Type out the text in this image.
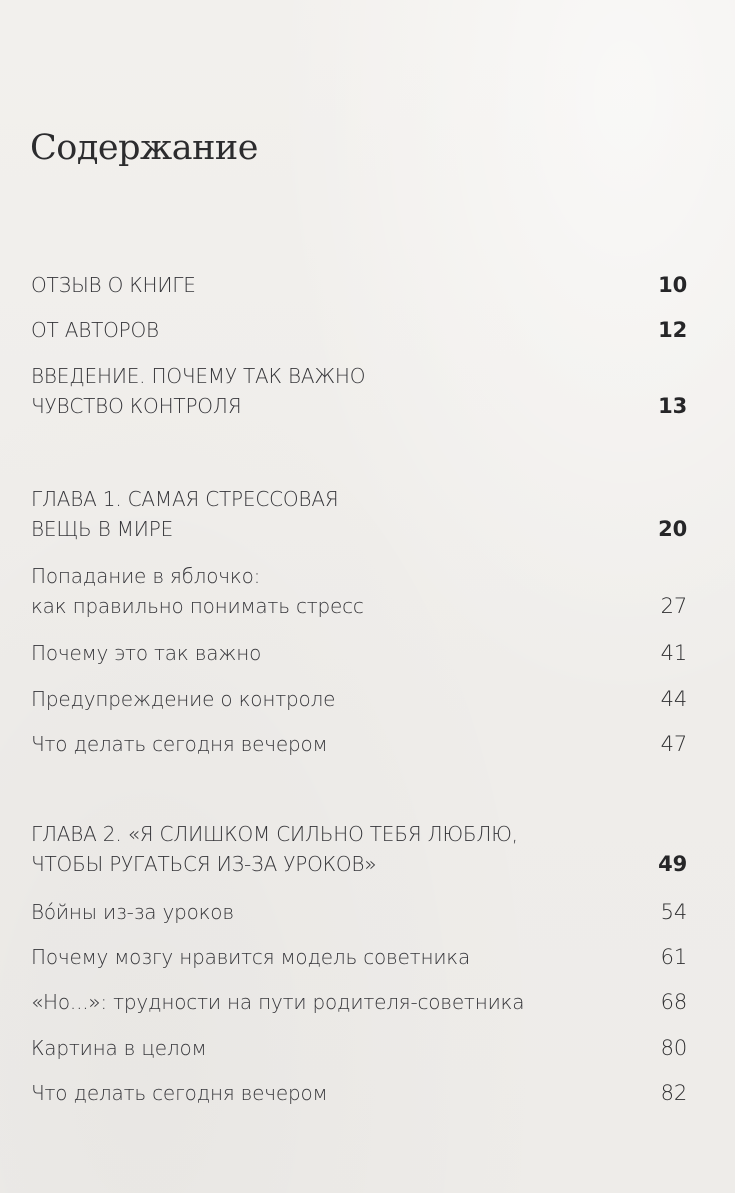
Содержание
ОТЗЫВ О КНИГЕ	10
ОТ АВТОРОВ	12
ВВЕДЕНИЕ. ПОЧЕМУ ТАК ВАЖНО
ЧУВСТВО КОНТРОЛЯ	13
ГЛАВА 1. САМАЯ СТРЕССОВАЯ
ВЕЩЬ В МИРЕ	20
Попадание в яблочко:
как правильно понимать стресс	27
Почему это так важно	41
Предупреждение о контроле	44
Что делать сегодня вечером	47
ГЛАВА 2. «Я СЛИШКОМ СИЛЬНО ТЕБЯ ЛЮБЛЮ,
ЧТОБЫ РУГАТЬСЯ ИЗ-ЗА УРОКОВ»	49
Вóйны из-за уроков	54
Почему мозгу нравится модель советника	61
«Но...»: трудности на пути родителя-советника	68
Картина в целом	80
Что делать сегодня вечером	82
